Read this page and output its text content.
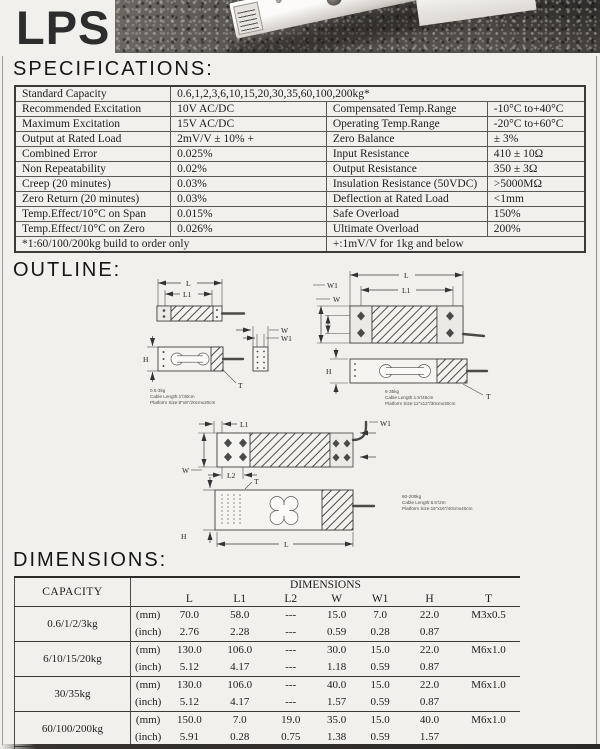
LPS
SPECIFICATIONS:
Standard Capacity	0.6,1,2,3,6,10,15,20,30,35,60,100,200kg*		
Recommended Excitation	10V AC/DC	Compensated Temp.Range	-10°C to+40°C
Maximum Excitation	15V AC/DC	Operating Temp.Range	-20°C to+60°C
Output at Rated Load	2mV/V ± 10% +	Zero Balance	± 3%
Combined Error	0.025%	Input Resistance	410 ± 10Ω
Non Repeatability	0.02%	Output Resistance	350 ± 3Ω
Creep (20 minutes)	0.03%	Insulation Resistance (50VDC)	>5000MΩ
Zero Return (20 minutes)	0.03%	Deflection at Rated Load	<1mm
Temp.Effect/10°C on Span	0.015%	Safe Overload	150%
Temp.Effect/10°C on Zero	0.026%	Ultimate Overload	200%
*1:60/100/200kg build to order only		+:1mV/V for 1kg and below	
OUTLINE:
L
L1
W
W1
H
T
0.6-3kg
Cable Length:1'/30cm
Platform Size:8"x8"/20cmx20cm
L
L1
W1
W
H
T
6-35kg
Cable Length:1.5'/45cm
Platform Size:12"x12"/30cmx30cm
L1	W1
W
L2
T
H
L
60-200kg
Cable Length:6.5'/2m
Platform Size:16"x16"/40cmx40cm
DIMENSIONS:
CAPACITY	DIMENSIONS							
		L	L1	L2	W	W1	H	T
0.6/1/2/3kg	(mm)	70.0	58.0	---	15.0	7.0	22.0	M3x0.5
	(inch)	2.76	2.28	---	0.59	0.28	0.87	
6/10/15/20kg	(mm)	130.0	106.0	---	30.0	15.0	22.0	M6x1.0
	(inch)	5.12	4.17	---	1.18	0.59	0.87	
30/35kg	(mm)	130.0	106.0	---	40.0	15.0	22.0	M6x1.0
	(inch)	5.12	4.17	---	1.57	0.59	0.87	
60/100/200kg	(mm)	150.0	7.0	19.0	35.0	15.0	40.0	M6x1.0
	(inch)	5.91	0.28	0.75	1.38	0.59	1.57	
